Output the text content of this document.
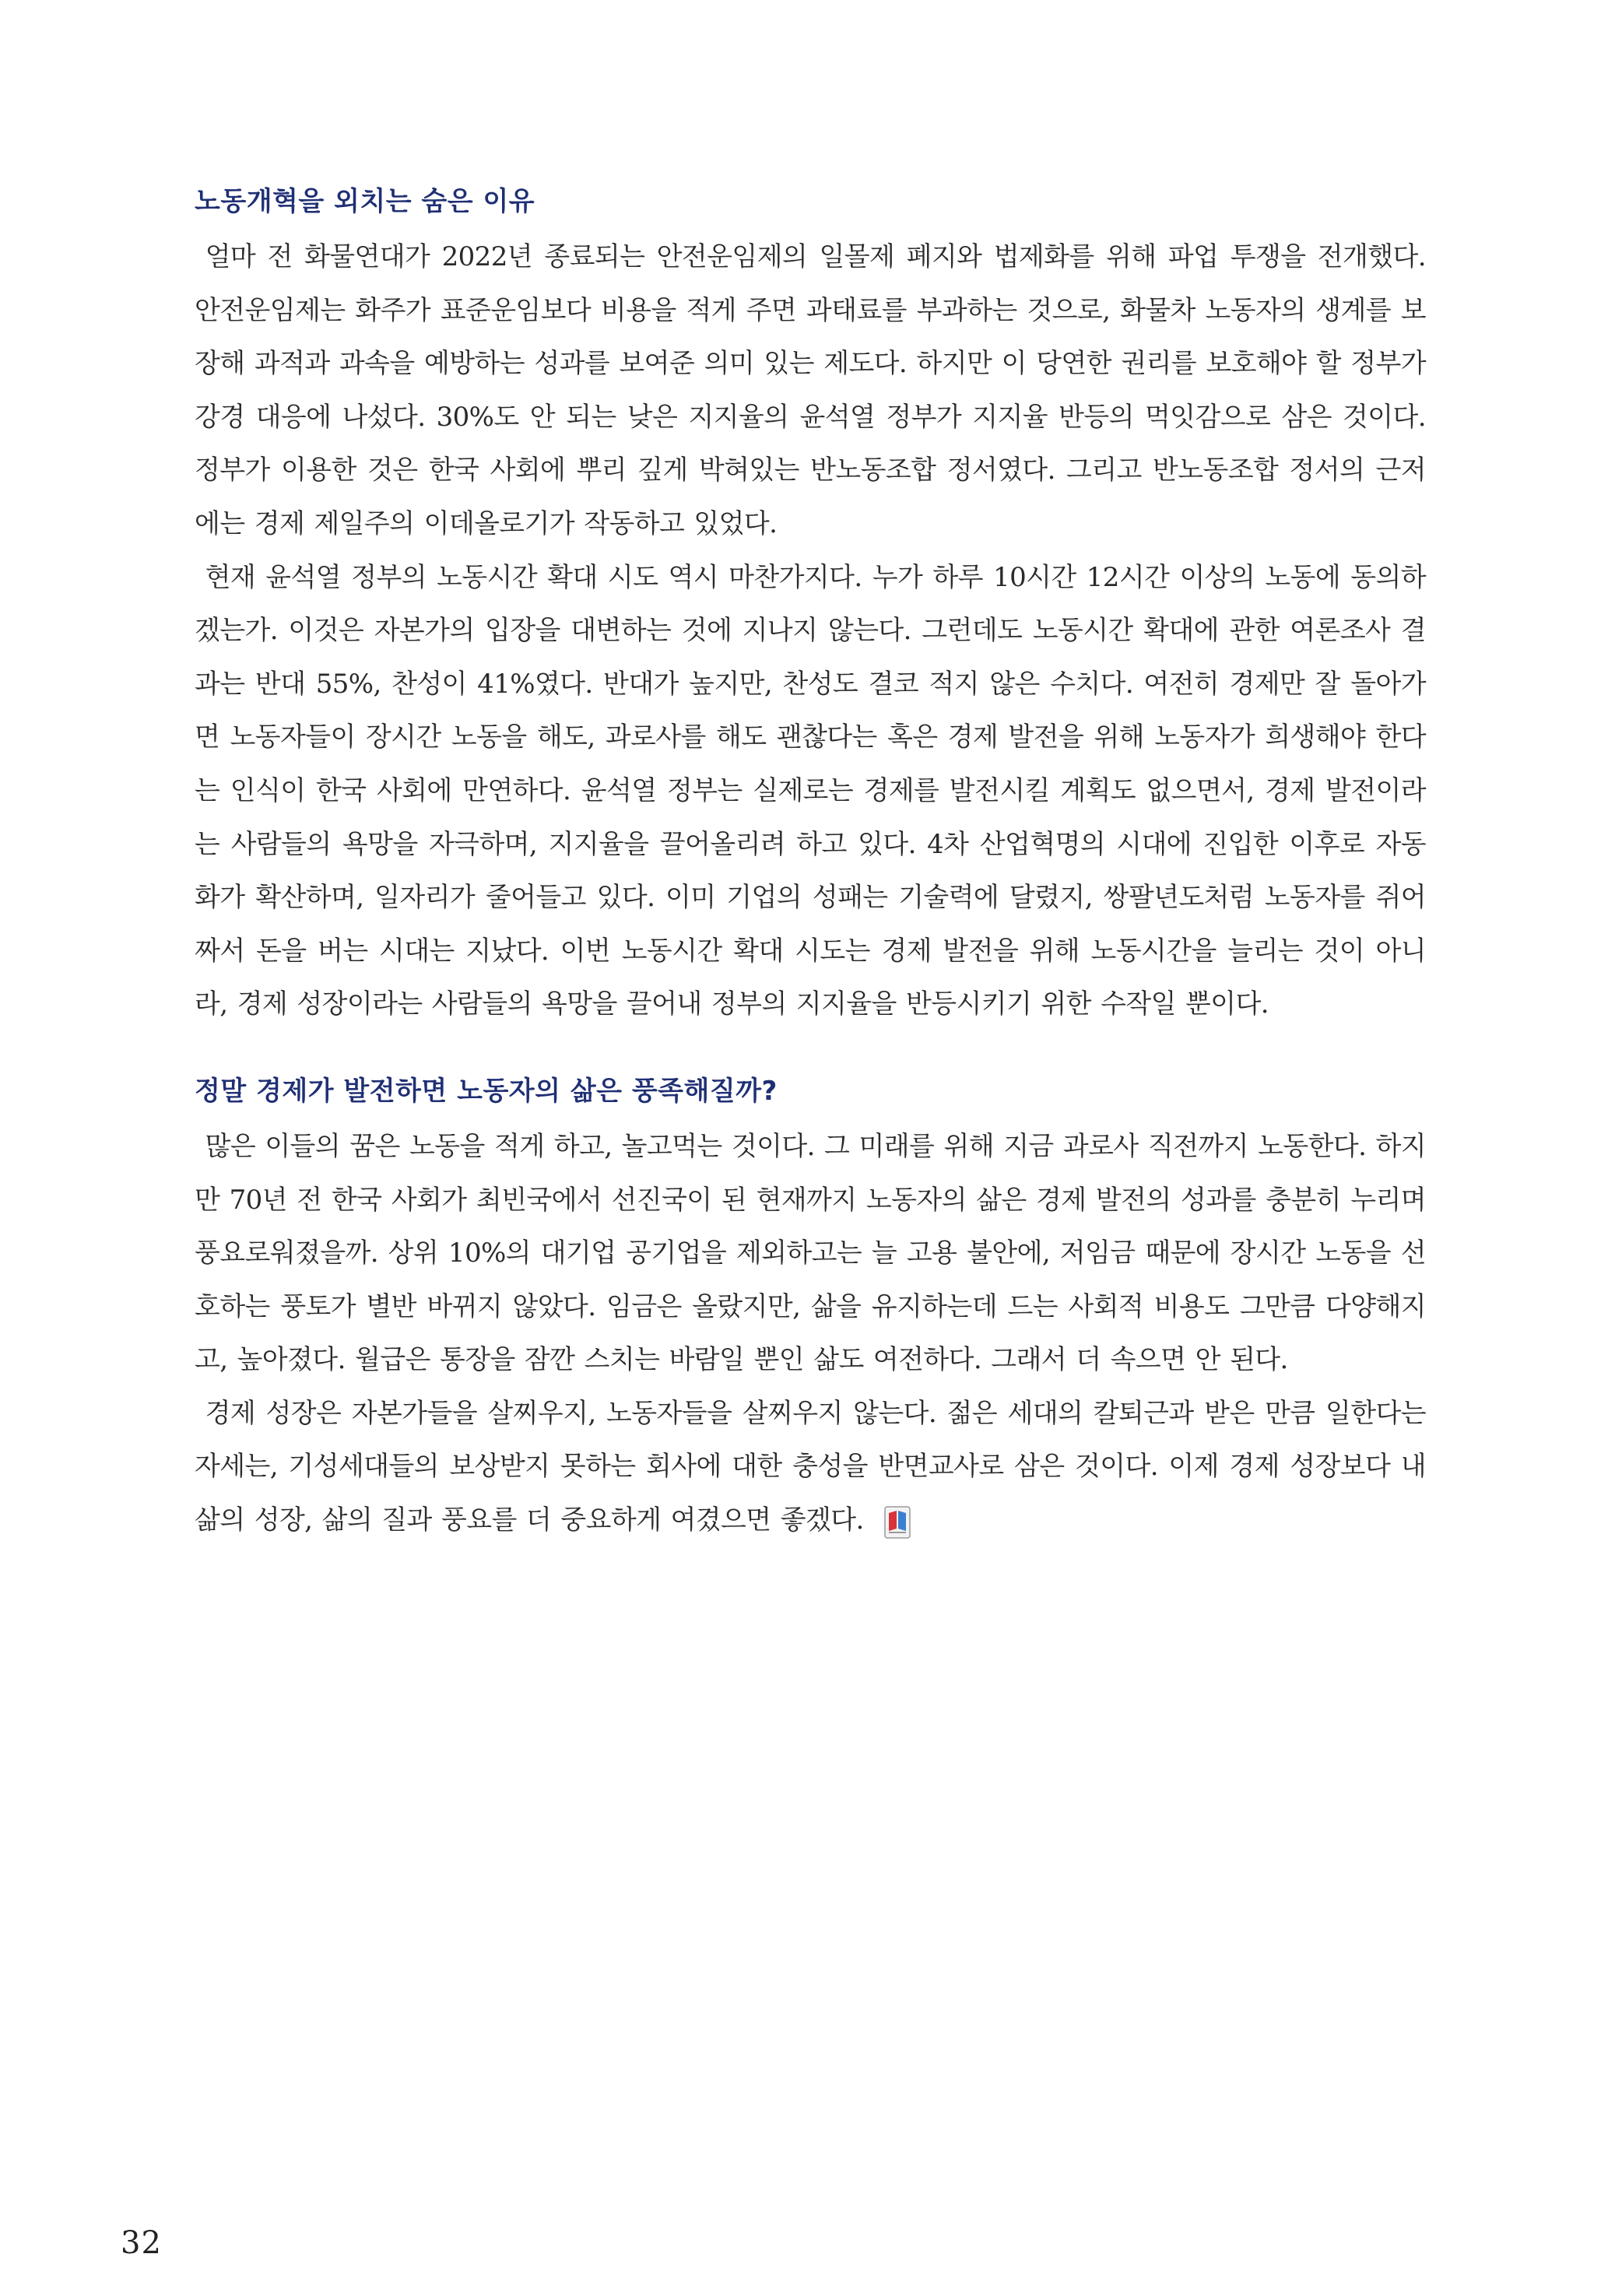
노동개혁을 외치는 숨은 이유

얼마 전 화물연대가 2022년 종료되는 안전운임제의 일몰제 폐지와 법제화를 위해 파업 투쟁을 전개했다. 안전운임제는 화주가 표준운임보다 비용을 적게 주면 과태료를 부과하는 것으로, 화물차 노동자의 생계를 보장해 과적과 과속을 예방하는 성과를 보여준 의미 있는 제도다. 하지만 이 당연한 권리를 보호해야 할 정부가 강경 대응에 나섰다. 30%도 안 되는 낮은 지지율의 윤석열 정부가 지지율 반등의 먹잇감으로 삼은 것이다. 정부가 이용한 것은 한국 사회에 뿌리 깊게 박혀있는 반노동조합 정서였다. 그리고 반노동조합 정서의 근저에는 경제 제일주의 이데올로기가 작동하고 있었다.

현재 윤석열 정부의 노동시간 확대 시도 역시 마찬가지다. 누가 하루 10시간 12시간 이상의 노동에 동의하겠는가. 이것은 자본가의 입장을 대변하는 것에 지나지 않는다. 그런데도 노동시간 확대에 관한 여론조사 결과는 반대 55%, 찬성이 41%였다. 반대가 높지만, 찬성도 결코 적지 않은 수치다. 여전히 경제만 잘 돌아가면 노동자들이 장시간 노동을 해도, 과로사를 해도 괜찮다는 혹은 경제 발전을 위해 노동자가 희생해야 한다는 인식이 한국 사회에 만연하다. 윤석열 정부는 실제로는 경제를 발전시킬 계획도 없으면서, 경제 발전이라는 사람들의 욕망을 자극하며, 지지율을 끌어올리려 하고 있다. 4차 산업혁명의 시대에 진입한 이후로 자동화가 확산하며, 일자리가 줄어들고 있다. 이미 기업의 성패는 기술력에 달렸지, 쌍팔년도처럼 노동자를 쥐어짜서 돈을 버는 시대는 지났다. 이번 노동시간 확대 시도는 경제 발전을 위해 노동시간을 늘리는 것이 아니라, 경제 성장이라는 사람들의 욕망을 끌어내 정부의 지지율을 반등시키기 위한 수작일 뿐이다.

정말 경제가 발전하면 노동자의 삶은 풍족해질까?

많은 이들의 꿈은 노동을 적게 하고, 놀고먹는 것이다. 그 미래를 위해 지금 과로사 직전까지 노동한다. 하지만 70년 전 한국 사회가 최빈국에서 선진국이 된 현재까지 노동자의 삶은 경제 발전의 성과를 충분히 누리며 풍요로워졌을까. 상위 10%의 대기업 공기업을 제외하고는 늘 고용 불안에, 저임금 때문에 장시간 노동을 선호하는 풍토가 별반 바뀌지 않았다. 임금은 올랐지만, 삶을 유지하는데 드는 사회적 비용도 그만큼 다양해지고, 높아졌다. 월급은 통장을 잠깐 스치는 바람일 뿐인 삶도 여전하다. 그래서 더 속으면 안 된다.

경제 성장은 자본가들을 살찌우지, 노동자들을 살찌우지 않는다. 젊은 세대의 칼퇴근과 받은 만큼 일한다는 자세는, 기성세대들의 보상받지 못하는 회사에 대한 충성을 반면교사로 삼은 것이다. 이제 경제 성장보다 내 삶의 성장, 삶의 질과 풍요를 더 중요하게 여겼으면 좋겠다.

32
